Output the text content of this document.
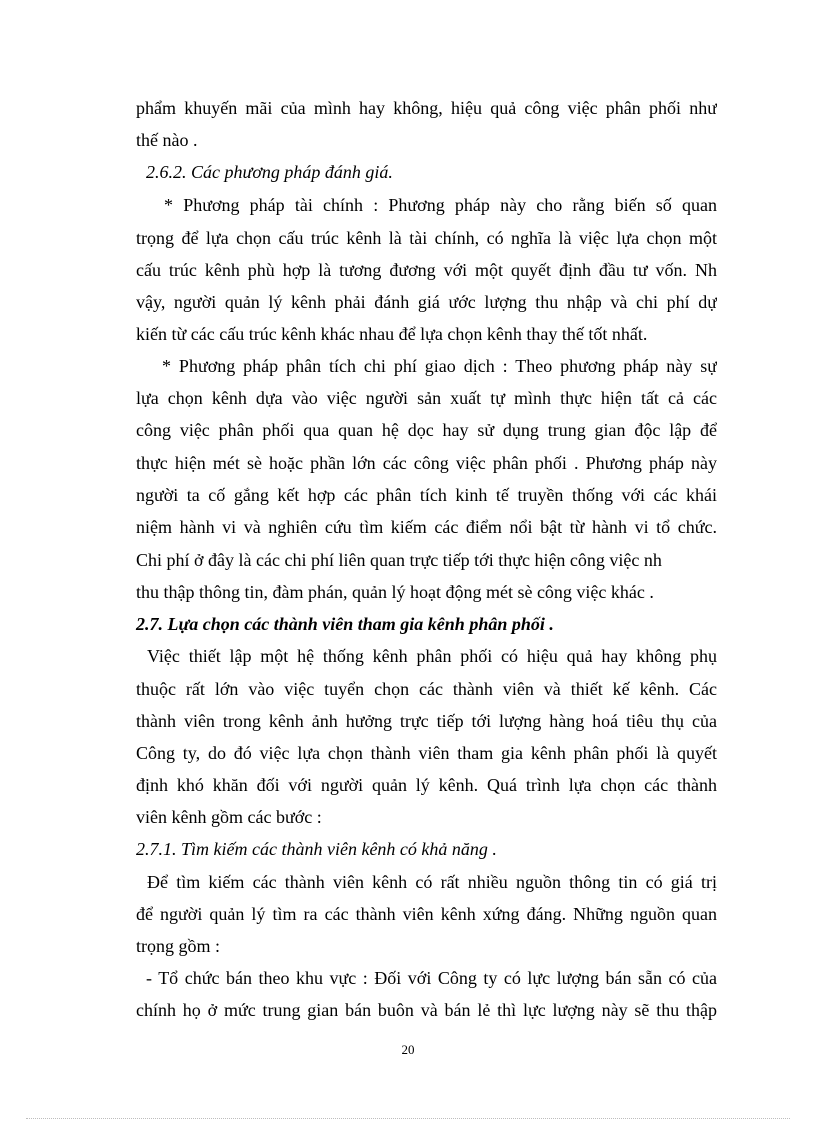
phẩm khuyến mãi của mình hay không, hiệu quả công việc phân phối như
thế nào .
2.6.2. Các phương pháp đánh giá.
* Phương pháp tài chính : Phương pháp này cho rằng biến số quan
trọng để lựa chọn cấu trúc kênh là tài chính, có nghĩa là việc lựa chọn một
cấu trúc kênh phù hợp là tương đương với một quyết định đầu tư vốn. Nh
vậy, người quản lý kênh phải đánh giá ước lượng thu nhập và chi phí dự
kiến từ các cấu trúc kênh khác nhau để lựa chọn kênh thay thế tốt nhất.
* Phương pháp phân tích chi phí giao dịch : Theo phương pháp này sự
lựa chọn kênh dựa vào việc người sản xuất tự mình thực hiện tất cả các
công việc phân phối qua quan hệ dọc hay sử dụng trung gian độc lập để
thực hiện mét sè hoặc phần lớn các công việc phân phối . Phương pháp này
người ta cố gắng kết hợp các phân tích kinh tế truyền thống với các khái
niệm hành vi và nghiên cứu tìm kiếm các điểm nổi bật từ hành vi tổ chức.
Chi phí ở đây là các chi phí liên quan trực tiếp tới thực hiện công việc nh
thu thập thông tin, đàm phán, quản lý hoạt động mét sè công việc khác .
2.7. Lựa chọn các thành viên tham gia kênh phân phối .
Việc thiết lập một hệ thống kênh phân phối có hiệu quả hay không phụ
thuộc rất lớn vào việc tuyển chọn các thành viên và thiết kế kênh. Các
thành viên trong kênh ảnh hưởng trực tiếp tới lượng hàng hoá tiêu thụ của
Công ty, do đó việc lựa chọn thành viên tham gia kênh phân phối là quyết
định khó khăn đối với người quản lý kênh. Quá trình lựa chọn các thành
viên kênh gồm các bước :
2.7.1. Tìm kiếm các thành viên kênh có khả năng .
Để tìm kiếm các thành viên kênh có rất nhiều nguồn thông tin có giá trị
để người quản lý tìm ra các thành viên kênh xứng đáng. Những nguồn quan
trọng gồm :
- Tổ chức bán theo khu vực : Đối với Công ty có lực lượng bán sẵn có của
chính họ ở mức trung gian bán buôn và bán lẻ thì lực lượng này sẽ thu thập
20
